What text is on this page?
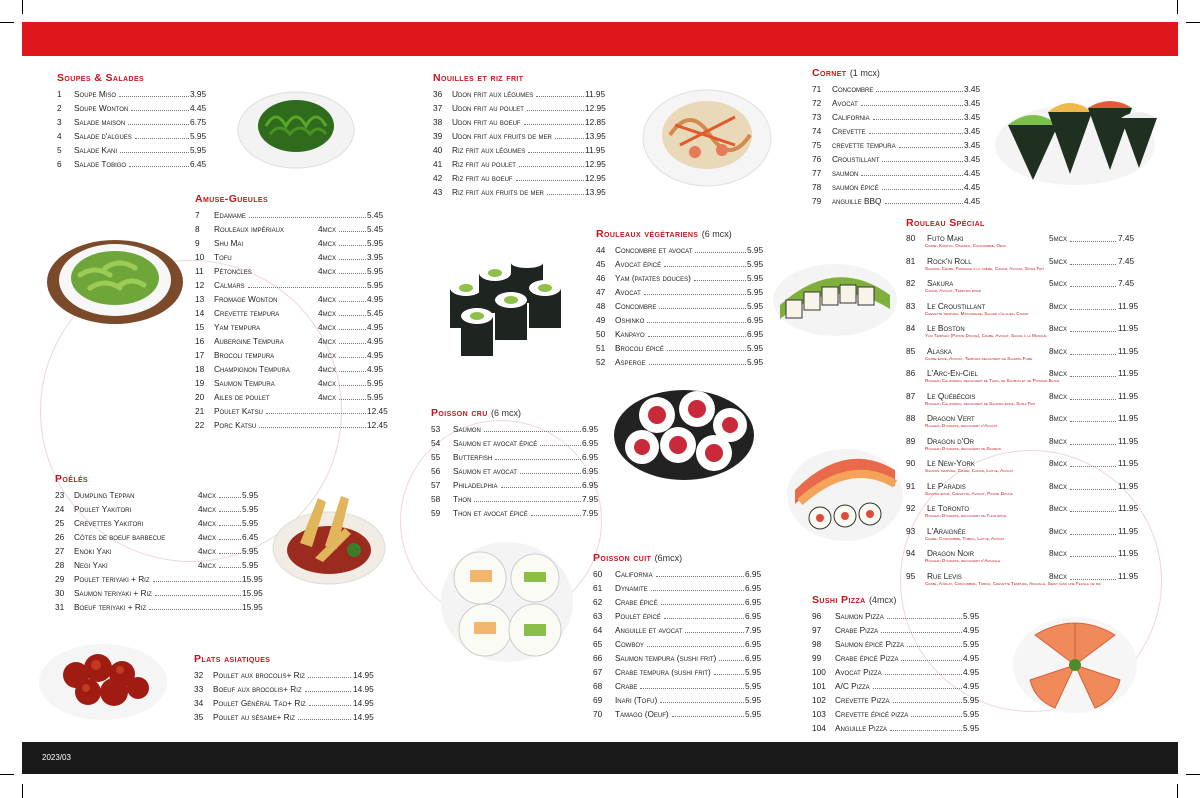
2023/03
Soupes & Salades
1 Soupe Miso	3.95
2 Soupe Wonton	4.45
3 Salade maison	6.75
4 Salade d'algues	5.95
5 Salade Kani	5.95
6 Salade Tobigo	6.45
Amuse-Gueules
7 Edamame	5.45
8 Rouleaux impériaux	4mcx	5.45
9 Shu Mai	4mcx	5.95
10 Tofu	4mcx	3.95
11 Pétoncles	4mcx	5.95
12 Calmars	5.95
13 Fromage Wonton	4mcx	4.95
14 Crevette tempura	4mcx	5.45
15 Yam tempura	4mcx	4.95
16 Aubergine Tempura	4mcx	4.95
17 Brocoli tempura	4mcx	4.95
18 Champignon Tempura	4mcx	4.95
19 Saumon Tempura	4mcx	5.95
20 Ailes de poulet	4mcx	5.95
21 Poulet Katsu	12.45
22 Porc Katsu	12.45
Poêlés
23 Dumpling Teppan	4mcx	5.95
24 Poulet Yakitori	4mcx	5.95
25 Crevettes Yakitori	4mcx	5.95
26 Côtes de boeuf barbecue	4mcx	6.45
27 Enoki Yaki	4mcx	5.95
28 Negi Yaki	4mcx	5.95
29 Poulet teriyaki + Riz	15.95
30 Saumon teriyaki + Riz	15.95
31 Boeuf teriyaki + Riz	15.95
Plats asiatiques
32 Poulet aux brocolis+ Riz	14.95
33 Boeuf aux brocolis+ Riz	14.95
34 Poulet Général Tao+ Riz	14.95
35 Poulet au sésame+ Riz	14.95
Nouilles et riz frit
36 Udon frit aux légumes	11.95
37 Udon frit au poulet	12.95
38 Udon frit au boeuf	12.85
39 Udon frit aux fruits de mer	13.95
40 Riz frit aux légumes	11.95
41 Riz frit au poulet	12.95
42 Riz frit au boeuf	12.95
43 Riz frit aux fruits de mer	13.95
Rouleaux végétariens (6 mcx)
44 Concombre et avocat	5.95
45 Avocat épicé	5.95
46 Yam (patates douces)	5.95
47 Avocat	5.95
48 Concombre	5.95
49 Oshinko	6.95
50 Kanpayo	6.95
51 Brocoli épicé	5.95
52 Asperge	5.95
Poisson cru (6 mcx)
53 Saumon	6.95
54 Saumon et avocat épicé	6.95
55 Butterfish	6.95
56 Saumon et avocat	6.95
57 Philadelphia	6.95
58 Thon	7.95
59 Thon et avocat épicé	7.95
Poisson cuit (6mcx)
60 California	6.95
61 Dynamite	6.95
62 Crabe épicé	6.95
63 Poulet épicé	6.95
64 Anguille et avocat	7.95
65 Cowboy	6.95
66 Saumon tempura (sushi frit)	6.95
67 Crabe tempura (sushi frit)	5.95
68 Crabe	5.95
69 Inari (Tofu)	5.95
70 Tamago (Oeuf)	5.95
Cornet (1 mcx)
71 Concombre	3.45
72 Avocat	3.45
73 California	3.45
74 Crevette	3.45
75 crevette tempura	3.45
76 Croustillant	3.45
77 saumon	4.45
78 saumon épicé	4.45
79 anguille BBQ	4.45
Rouleau Spécial
80 Futo Maki	5mcx	7.45
Crabe, Kanpyo, Oshinko, Concombre, Oeuf
81 Rock'n Roll	5mcx	7.45
Saumon, Crabe, Fromage à la crème, Caviar, Avocat, Sushi Frit
82 Sakura	5mcx	7.45
Caviar, Avocat, Tempura épicé
83 Le Croustillant	8mcx	11.95
Crevette tempura, Mayonnaise, Salade d'algues, Caviar
84 Le Boston	8mcx	11.95
Yam Tempura (Patate Douce), Crabe, Avocat, Sauce à la Mangue
85 Alaska	8mcx	11.95
Crabe épicé, Avocat, Tempura recouvert de Saumon Fumé
86 L'Arc-En-Ciel	8mcx	11.95
Rouleau California, recouvert de Thon, de Saumon et de Poisson Blanc
87 Le Québécois	8mcx	11.95
Rouleau California, recouvert de Saumon épicé, Sushi Frit
88 Dragon Vert	8mcx	11.95
Rouleau Dynamite, recouvert d'Avocat
89 Dragon d'Or	8mcx	11.95
Rouleau Dynamite, recouvert de Saumon
90 Le New-York	8mcx	11.95
Saumon tempura, Crabe, Caviar, Laitue, Avocat
91 Le Paradis	8mcx	11.95
Saumon épicé, Crevette, Avocat, Patate Douce
92 Le Toronto	8mcx	11.95
Rouleau Dynamite, recouvert de Thon épicé
93 L'Araignée	8mcx	11.95
Crabe, Concombre, Tobiko, Laitue, Avocat
94 Dragon Noir	8mcx	11.95
Rouleau Dynamite, recouvert d'Anguille
95 Rue Levis	8mcx	11.95
Crabe, Avocat, Concombre, Tobiko, Crevette Tempura, Anguille, Servi sans une Feuille de riz
Sushi Pizza (4mcx)
96 Saumon Pizza	5.95
97 Crabe Pizza	4.95
98 Saumon épicé Pizza	5.95
99 Crabe épicé Pizza	4.95
100 Avocat Pizza	4.95
101 A/C Pizza	4.95
102 Crevette Pizza	5.95
103 Crevette épicé pizza	5.95
104 Anguille Pizza	5.95
